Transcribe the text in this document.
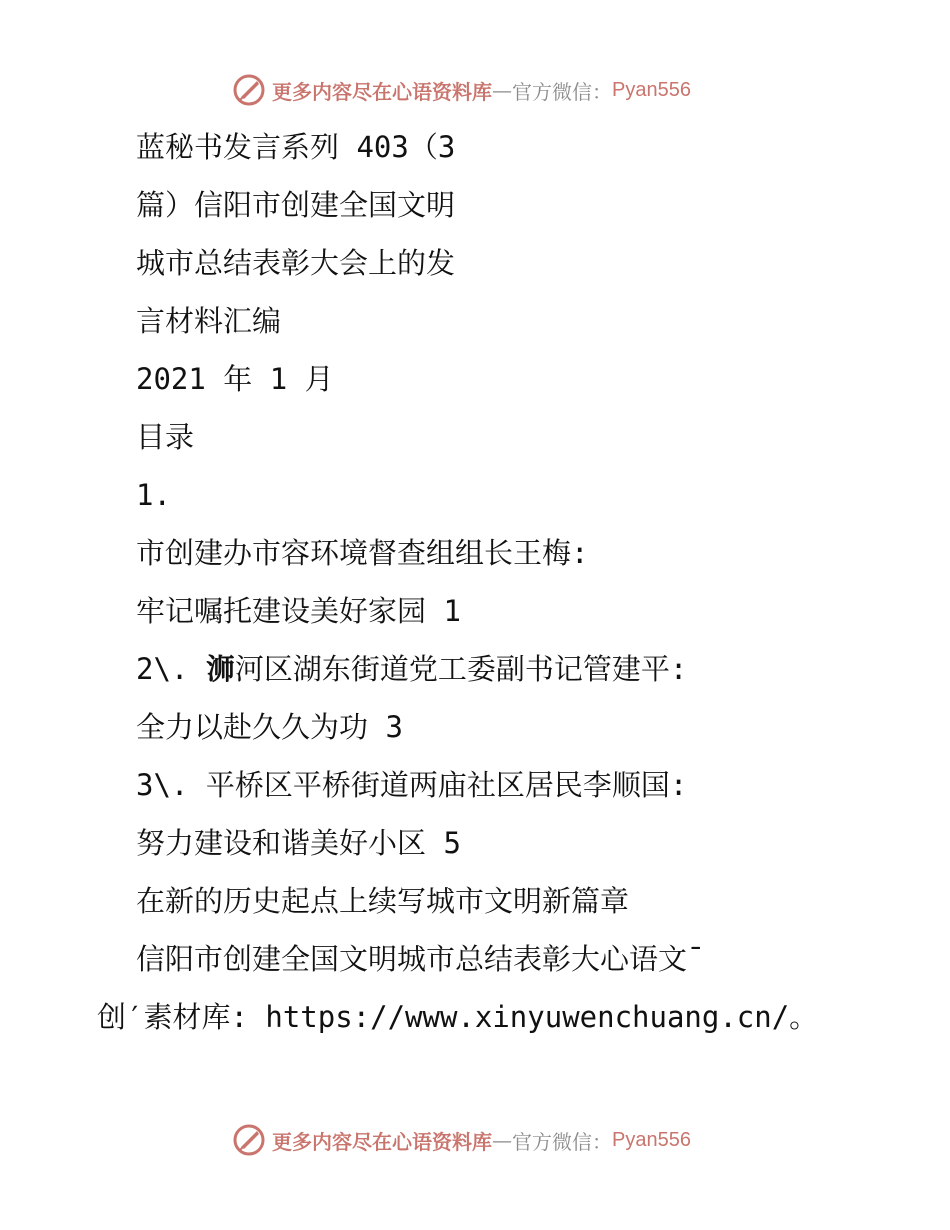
更多内容尽在心语资料库 — 官方微信： Pyan556
蓝秘书发言系列 403（3
篇）信阳市创建全国文明
城市总结表彰大会上的发
言材料汇编
2021 年 1 月
目录
1.
市创建办市容环境督查组组长王梅:
牢记嘱托建设美好家园 1
2\. 浉河区湖东街道党工委副书记管建平:
全力以赴久久为功 3
3\. 平桥区平桥街道两庙社区居民李顺国:
努力建设和谐美好小区 5
在新的历史起点上续写城市文明新篇章
信阳市创建全国文明城市总结表彰大心语文¯
创′素材库: https://www.xinyuwenchuang.cn/。
更多内容尽在心语资料库 — 官方微信： Pyan556
